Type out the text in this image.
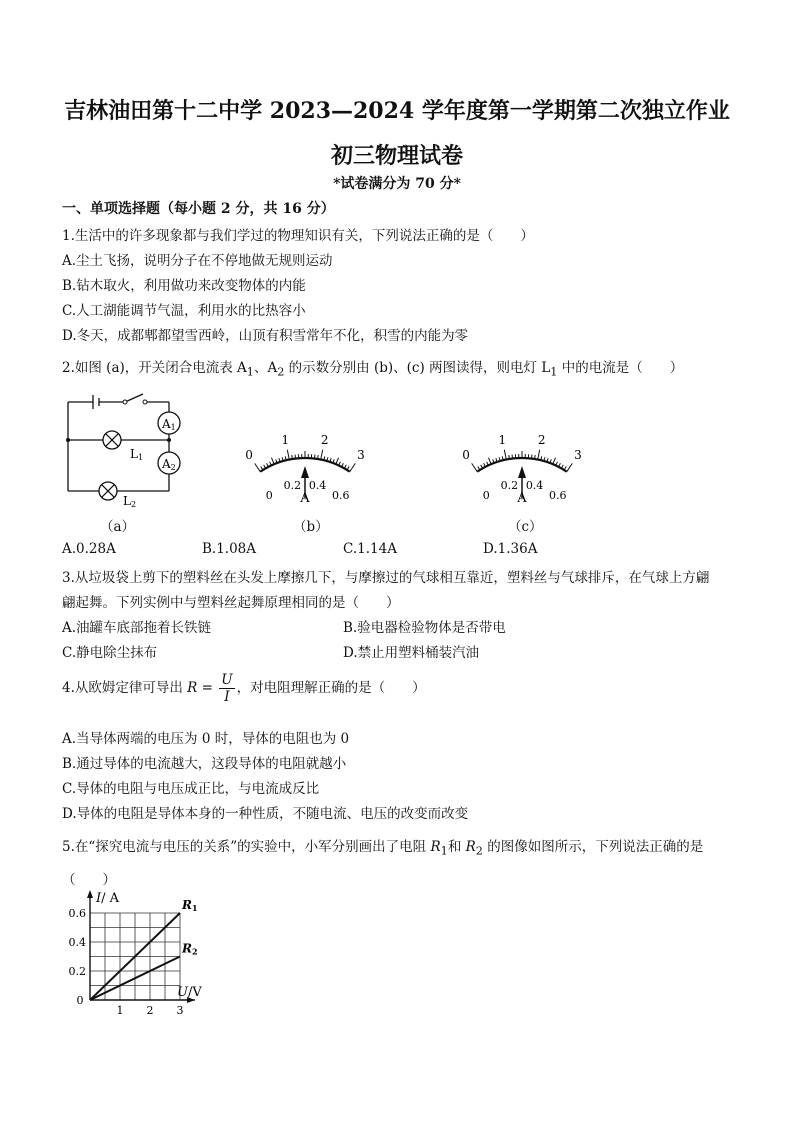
吉林油田第十二中学 2023—2024 学年度第一学期第二次独立作业
初三物理试卷
*试卷满分为 70 分*
一、单项选择题（每小题 2 分，共 16 分）
1.生活中的许多现象都与我们学过的物理知识有关，下列说法正确的是（　　）
A.尘土飞扬，说明分子在不停地做无规则运动
B.钻木取火，利用做功来改变物体的内能
C.人工湖能调节气温，利用水的比热容小
D.冬天，成都郫都望雪西岭，山顶有积雪常年不化，积雪的内能为零
2.如图 (a)，开关闭合电流表 $A_1$、$A_2$ 的示数分别由 (b)、(c) 两图读得，则电灯 $L_1$ 中的电流是（　　）
A1
A2
L1
L2
0
1	2
3
0
0.2 0.4
0.6
A
0
1	2
3
0
0.2 0.4
0.6
A
（a）	（b）	（c）
A.0.28A	B.1.08A	C.1.14A	D.1.36A
3.从垃圾袋上剪下的塑料丝在头发上摩擦几下，与摩擦过的气球相互靠近，塑料丝与气球排斥，在气球上方翩
翩起舞。下列实例中与塑料丝起舞原理相同的是（　　）
A.油罐车底部拖着长铁链	B.验电器检验物体是否带电
C.静电除尘抹布	D.禁止用塑料桶装汽油
4.从欧姆定律可导出 $R = \frac{U}{I}$ ，对电阻理解正确的是（　　）
A.当导体两端的电压为 0 时，导体的电阻也为 0
B.通过导体的电流越大，这段导体的电阻就越小
C.导体的电阻与电压成正比，与电流成反比
D.导体的电阻是导体本身的一种性质，不随电流、电压的改变而改变
5.在“探究电流与电压的关系”的实验中，小军分别画出了电阻 $R_1$和 $R_2$ 的图像如图所示，下列说法正确的是
（　　）
I/ A
U/V
0
1 2 3
0.2
0.4
0.6
R1
R2
